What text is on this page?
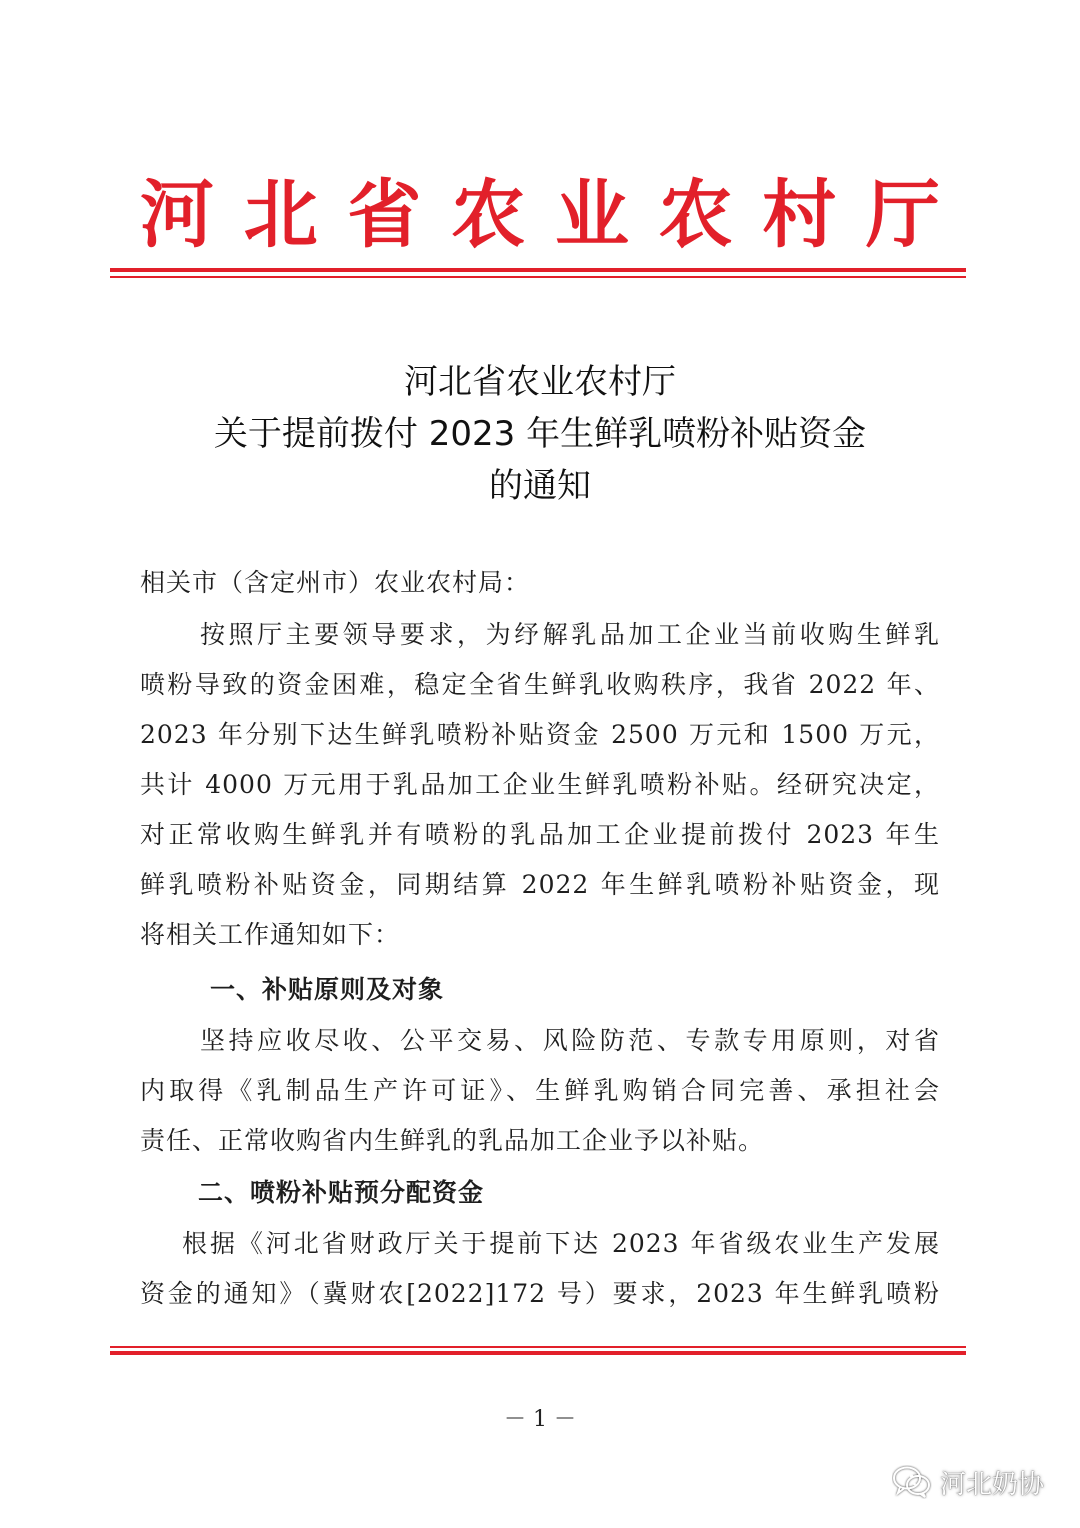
河 北 省 农 业 农 村 厅
河北省农业农村厅
关于提前拨付 2023 年生鲜乳喷粉补贴资金
的通知
相关市（含定州市）农业农村局：
按照厅主要领导要求，为纾解乳品加工企业当前收购生鲜乳
喷粉导致的资金困难，稳定全省生鲜乳收购秩序，我省 2022 年、
2023 年分别下达生鲜乳喷粉补贴资金 2500 万元和 1500 万元，
共计 4000 万元用于乳品加工企业生鲜乳喷粉补贴。经研究决定，
对正常收购生鲜乳并有喷粉的乳品加工企业提前拨付 2023 年生
鲜乳喷粉补贴资金，同期结算 2022 年生鲜乳喷粉补贴资金，现
将相关工作通知如下：
一、补贴原则及对象
坚持应收尽收、公平交易、风险防范、专款专用原则，对省
内取得《乳制品生产许可证》、生鲜乳购销合同完善、承担社会
责任、正常收购省内生鲜乳的乳品加工企业予以补贴。
二、喷粉补贴预分配资金
根据《河北省财政厅关于提前下达 2023 年省级农业生产发展
资金的通知》（冀财农[2022]172 号）要求，2023 年生鲜乳喷粉
－ 1 －
河北奶协
